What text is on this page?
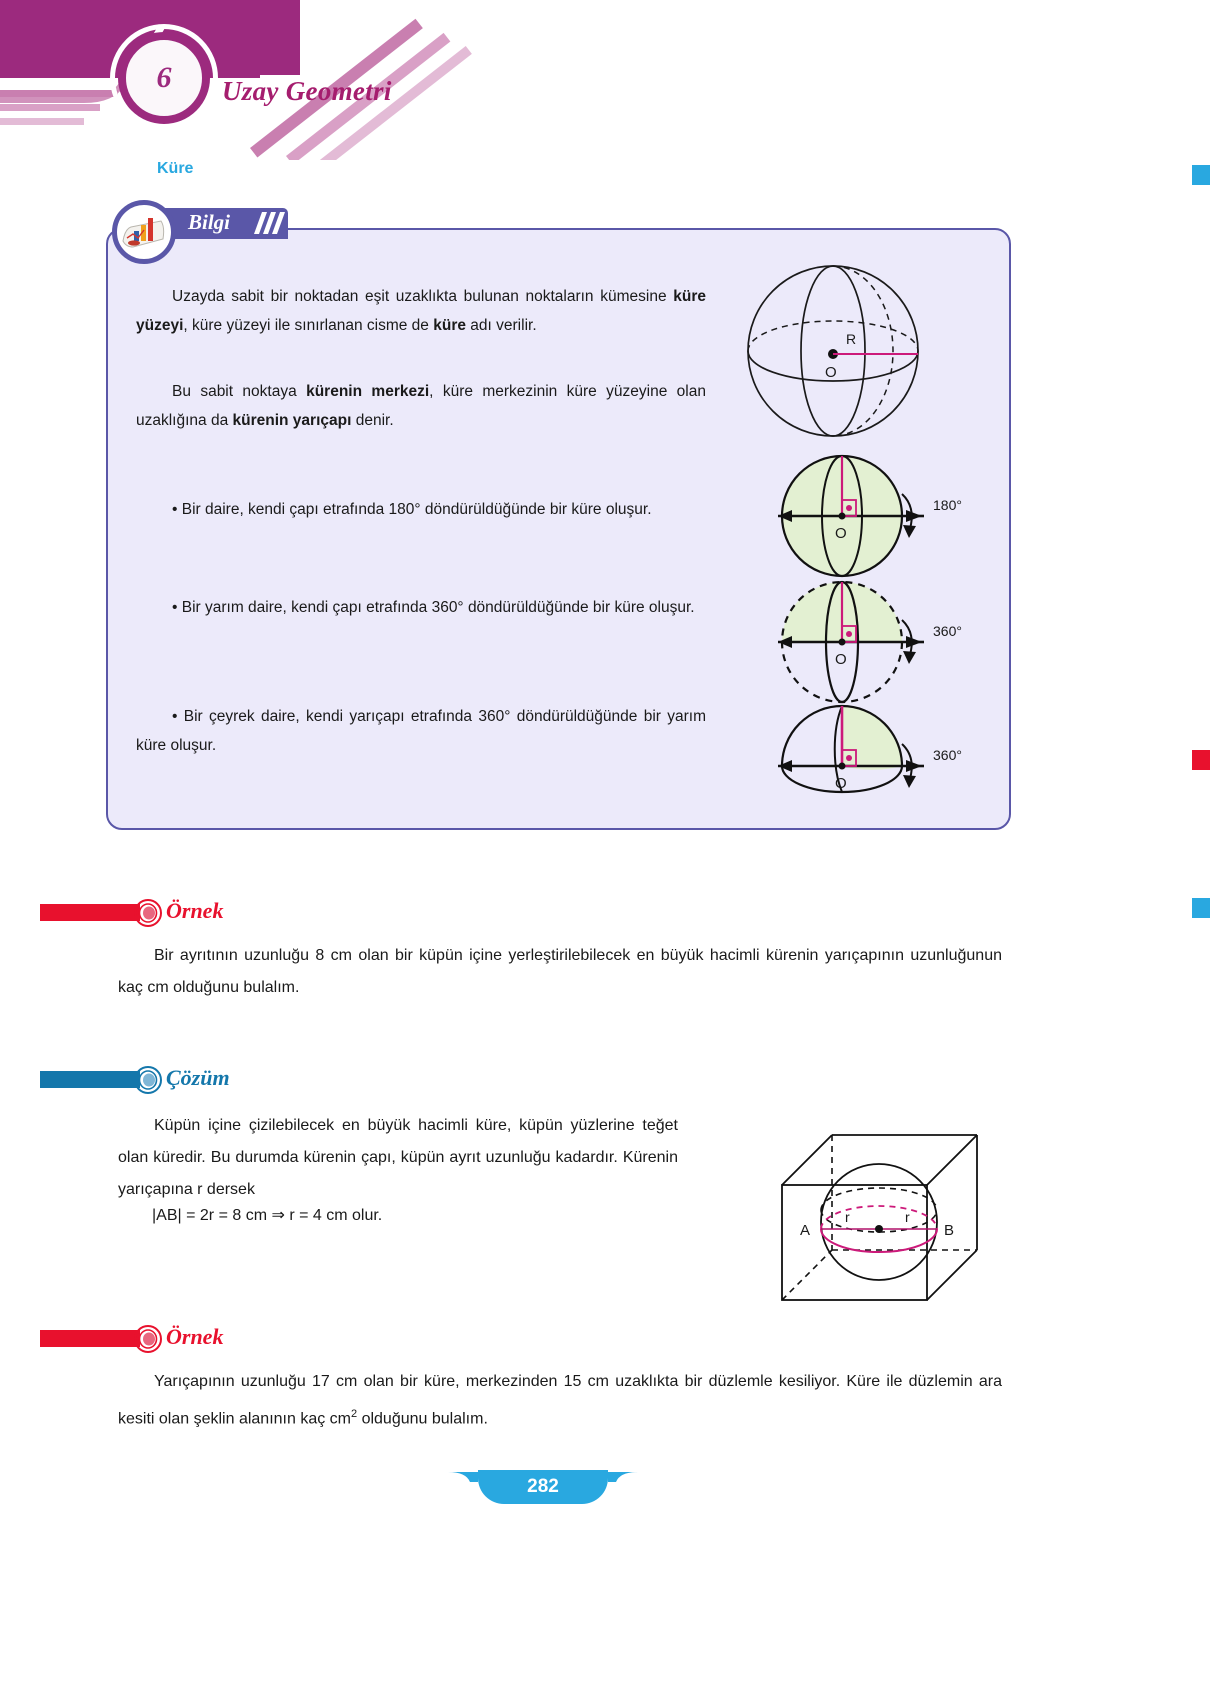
6	Uzay Geometri
Küre
Bilgi
Uzayda sabit bir noktadan eşit uzaklıkta bulunan noktaların kümesine küre yüzeyi, küre yüzeyi ile sınırlanan cisme de küre adı verilir.
Bu sabit noktaya kürenin merkezi, küre merkezinin küre yüzeyine olan uzaklığına da kürenin yarıçapı denir.
• Bir daire, kendi çapı etrafında 180° döndürüldüğünde bir küre oluşur.
• Bir yarım daire, kendi çapı etrafında 360° döndürüldüğünde bir küre oluşur.
• Bir çeyrek daire, kendi yarıçapı etrafında 360° döndürüldüğünde bir yarım küre oluşur.
R
O
O
180°
O
360°
O
360°
Örnek
Bir ayrıtının uzunluğu 8 cm olan bir küpün içine yerleştirilebilecek en büyük hacimli kürenin yarıçapının uzunluğunun kaç cm olduğunu bulalım.
Çözüm
Küpün içine çizilebilecek en büyük hacimli küre, küpün yüzlerine teğet olan küredir. Bu durumda kürenin çapı, küpün ayrıt uzunluğu kadardır. Kürenin yarıçapına r dersek
|AB| = 2r = 8 cm ⇒ r = 4 cm olur.
A	B
r	r
Örnek
Yarıçapının uzunluğu 17 cm olan bir küre, merkezinden 15 cm uzaklıkta bir düzlemle kesiliyor. Küre ile düzlemin ara kesiti olan şeklin alanının kaç $cm^2$ olduğunu bulalım.
282
